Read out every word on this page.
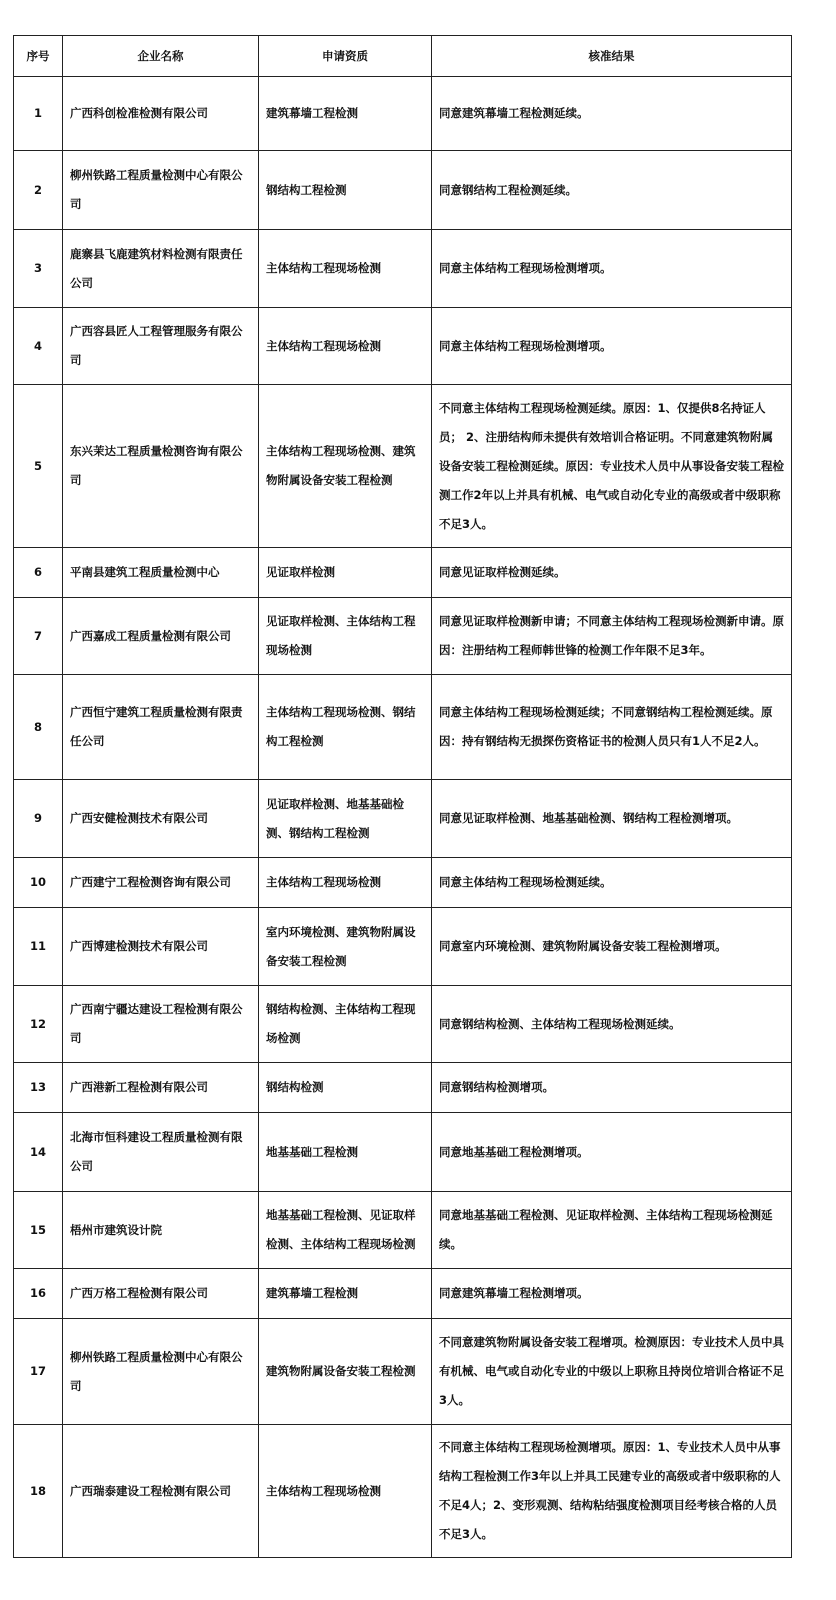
序号	企业名称	申请资质	核准结果
1	广西科创检准检测有限公司	建筑幕墙工程检测	同意建筑幕墙工程检测延续。
2	柳州铁路工程质量检测中心有限公司	钢结构工程检测	同意钢结构工程检测延续。
3	鹿寨县飞鹿建筑材料检测有限责任公司	主体结构工程现场检测	同意主体结构工程现场检测增项。
4	广西容县匠人工程管理服务有限公司	主体结构工程现场检测	同意主体结构工程现场检测增项。
5	东兴茉达工程质量检测咨询有限公司	主体结构工程现场检测、建筑物附属设备安装工程检测	不同意主体结构工程现场检测延续。原因：1、仅提供8名持证人员； 2、注册结构师未提供有效培训合格证明。不同意建筑物附属设备安装工程检测延续。原因：专业技术人员中从事设备安装工程检测工作2年以上并具有机械、电气或自动化专业的高级或者中级职称不足3人。
6	平南县建筑工程质量检测中心	见证取样检测	同意见证取样检测延续。
7	广西嘉成工程质量检测有限公司	见证取样检测、主体结构工程现场检测	同意见证取样检测新申请；不同意主体结构工程现场检测新申请。原因：注册结构工程师韩世锋的检测工作年限不足3年。
8	广西恒宁建筑工程质量检测有限责任公司	主体结构工程现场检测、钢结构工程检测	同意主体结构工程现场检测延续；不同意钢结构工程检测延续。原因：持有钢结构无损探伤资格证书的检测人员只有1人不足2人。
9	广西安健检测技术有限公司	见证取样检测、地基基础检测、钢结构工程检测	同意见证取样检测、地基基础检测、钢结构工程检测增项。
10	广西建宁工程检测咨询有限公司	主体结构工程现场检测	同意主体结构工程现场检测延续。
11	广西博建检测技术有限公司	室内环境检测、建筑物附属设备安装工程检测	同意室内环境检测、建筑物附属设备安装工程检测增项。
12	广西南宁疆达建设工程检测有限公司	钢结构检测、主体结构工程现场检测	同意钢结构检测、主体结构工程现场检测延续。
13	广西港新工程检测有限公司	钢结构检测	同意钢结构检测增项。
14	北海市恒科建设工程质量检测有限公司	地基基础工程检测	同意地基基础工程检测增项。
15	梧州市建筑设计院	地基基础工程检测、见证取样检测、主体结构工程现场检测	同意地基基础工程检测、见证取样检测、主体结构工程现场检测延续。
16	广西万格工程检测有限公司	建筑幕墙工程检测	同意建筑幕墙工程检测增项。
17	柳州铁路工程质量检测中心有限公司	建筑物附属设备安装工程检测	不同意建筑物附属设备安装工程增项。检测原因：专业技术人员中具有机械、电气或自动化专业的中级以上职称且持岗位培训合格证不足3人。
18	广西瑞泰建设工程检测有限公司	主体结构工程现场检测	不同意主体结构工程现场检测增项。原因：1、专业技术人员中从事结构工程检测工作3年以上并具工民建专业的高级或者中级职称的人不足4人；2、变形观测、结构粘结强度检测项目经考核合格的人员不足3人。
